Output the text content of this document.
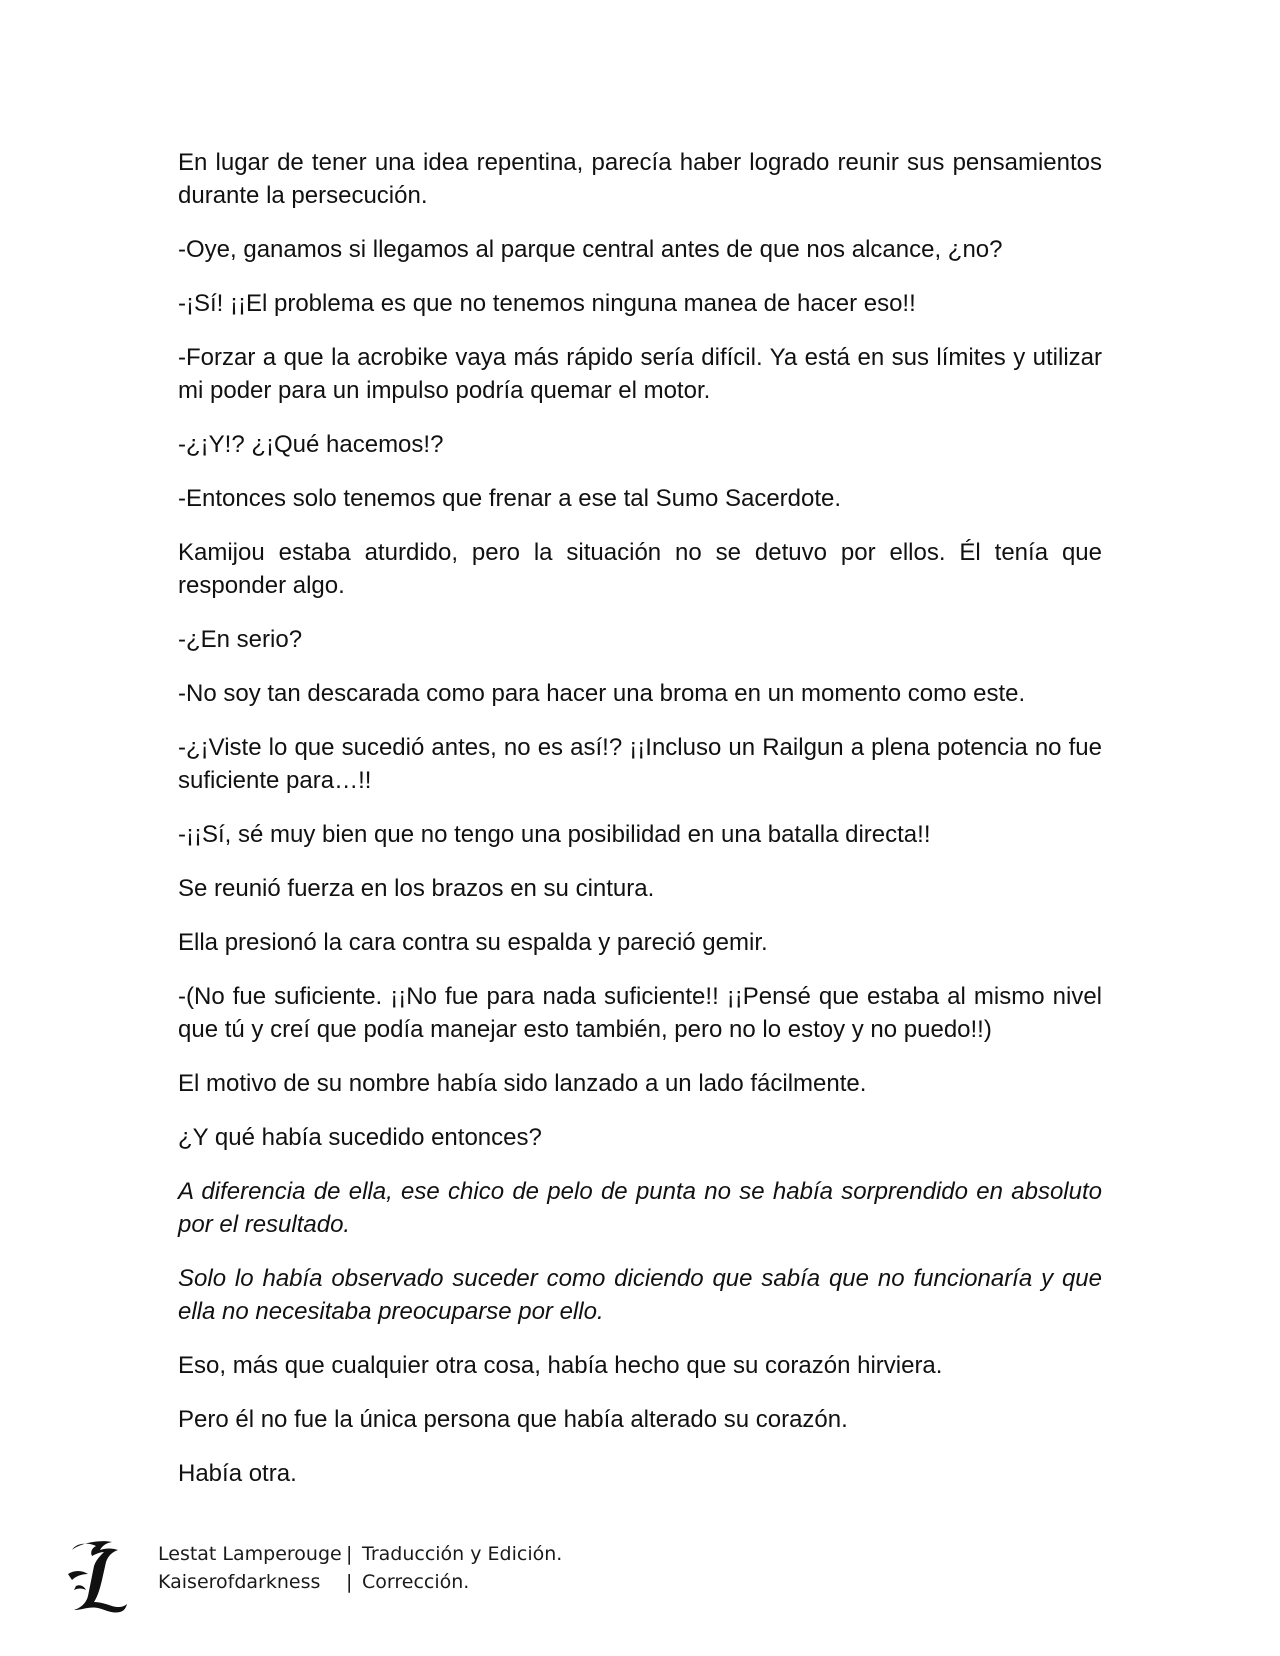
En lugar de tener una idea repentina, parecía haber logrado reunir sus pensamientos durante la persecución.

-Oye, ganamos si llegamos al parque central antes de que nos alcance, ¿no?

-¡Sí! ¡¡El problema es que no tenemos ninguna manea de hacer eso!!

-Forzar a que la acrobike vaya más rápido sería difícil. Ya está en sus límites y utilizar mi poder para un impulso podría quemar el motor.

-¿¡Y!? ¿¡Qué hacemos!?

-Entonces solo tenemos que frenar a ese tal Sumo Sacerdote.

Kamijou estaba aturdido, pero la situación no se detuvo por ellos. Él tenía que responder algo.

-¿En serio?

-No soy tan descarada como para hacer una broma en un momento como este.

-¿¡Viste lo que sucedió antes, no es así!? ¡¡Incluso un Railgun a plena potencia no fue suficiente para…!!

-¡¡Sí, sé muy bien que no tengo una posibilidad en una batalla directa!!

Se reunió fuerza en los brazos en su cintura.

Ella presionó la cara contra su espalda y pareció gemir.

-(No fue suficiente. ¡¡No fue para nada suficiente!! ¡¡Pensé que estaba al mismo nivel que tú y creí que podía manejar esto también, pero no lo estoy y no puedo!!)

El motivo de su nombre había sido lanzado a un lado fácilmente.

¿Y qué había sucedido entonces?

A diferencia de ella, ese chico de pelo de punta no se había sorprendido en absoluto por el resultado.

Solo lo había observado suceder como diciendo que sabía que no funcionaría y que ella no necesitaba preocuparse por ello.

Eso, más que cualquier otra cosa, había hecho que su corazón hirviera.

Pero él no fue la única persona que había alterado su corazón.

Había otra.

Lestat Lamperouge | Traducción y Edición.
Kaiserofdarkness	| Corrección.
